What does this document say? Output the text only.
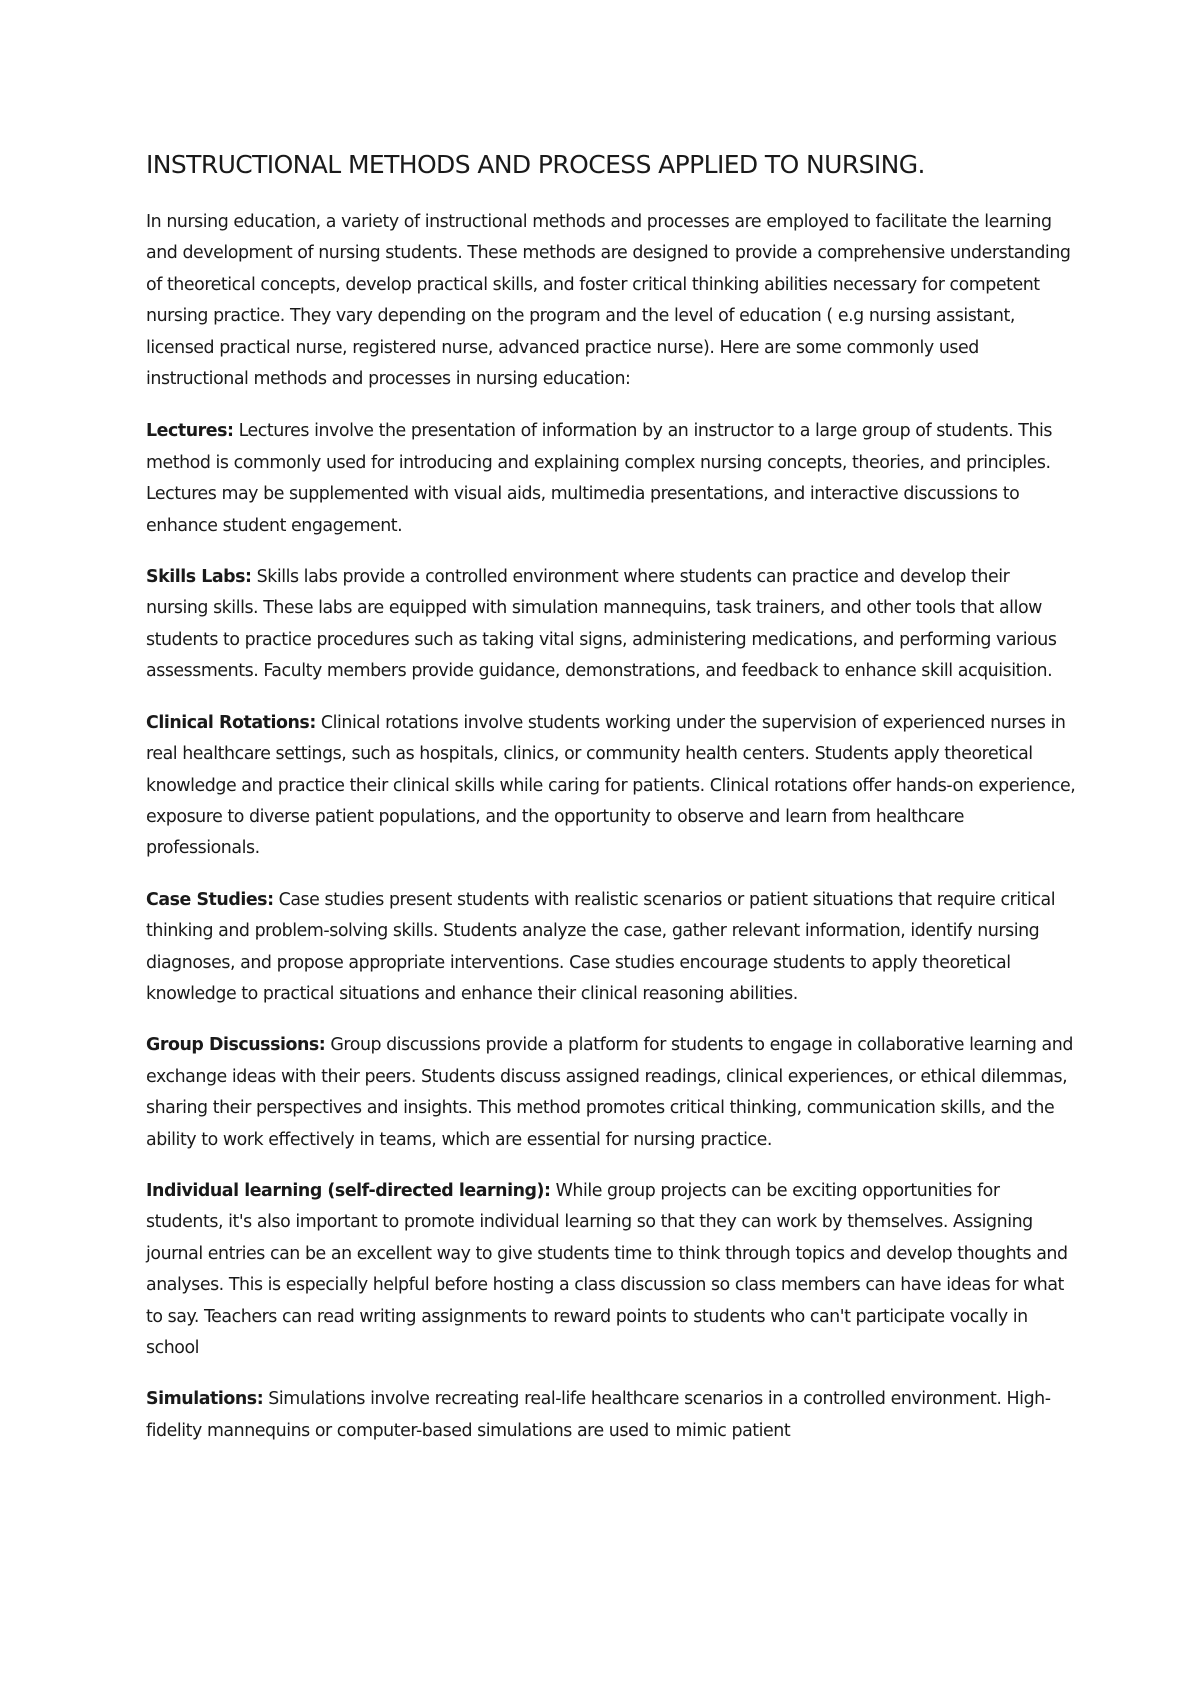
INSTRUCTIONAL METHODS AND PROCESS APPLIED TO NURSING.

In nursing education, a variety of instructional methods and processes are employed to facilitate the learning and development of nursing students. These methods are designed to provide a comprehensive understanding of theoretical concepts, develop practical skills, and foster critical thinking abilities necessary for competent nursing practice. They vary depending on the program and the level of education ( e.g nursing assistant, licensed practical nurse, registered nurse, advanced practice nurse). Here are some commonly used instructional methods and processes in nursing education:

Lectures: Lectures involve the presentation of information by an instructor to a large group of students. This method is commonly used for introducing and explaining complex nursing concepts, theories, and principles. Lectures may be supplemented with visual aids, multimedia presentations, and interactive discussions to enhance student engagement.

Skills Labs: Skills labs provide a controlled environment where students can practice and develop their nursing skills. These labs are equipped with simulation mannequins, task trainers, and other tools that allow students to practice procedures such as taking vital signs, administering medications, and performing various assessments. Faculty members provide guidance, demonstrations, and feedback to enhance skill acquisition.

Clinical Rotations: Clinical rotations involve students working under the supervision of experienced nurses in real healthcare settings, such as hospitals, clinics, or community health centers. Students apply theoretical knowledge and practice their clinical skills while caring for patients. Clinical rotations offer hands-on experience, exposure to diverse patient populations, and the opportunity to observe and learn from healthcare professionals.

Case Studies: Case studies present students with realistic scenarios or patient situations that require critical thinking and problem-solving skills. Students analyze the case, gather relevant information, identify nursing diagnoses, and propose appropriate interventions. Case studies encourage students to apply theoretical knowledge to practical situations and enhance their clinical reasoning abilities.

Group Discussions: Group discussions provide a platform for students to engage in collaborative learning and exchange ideas with their peers. Students discuss assigned readings, clinical experiences, or ethical dilemmas, sharing their perspectives and insights. This method promotes critical thinking, communication skills, and the ability to work effectively in teams, which are essential for nursing practice.

Individual learning (self-directed learning): While group projects can be exciting opportunities for students, it's also important to promote individual learning so that they can work by themselves. Assigning journal entries can be an excellent way to give students time to think through topics and develop thoughts and analyses. This is especially helpful before hosting a class discussion so class members can have ideas for what to say. Teachers can read writing assignments to reward points to students who can't participate vocally in school

Simulations: Simulations involve recreating real-life healthcare scenarios in a controlled environment. High-fidelity mannequins or computer-based simulations are used to mimic patient
